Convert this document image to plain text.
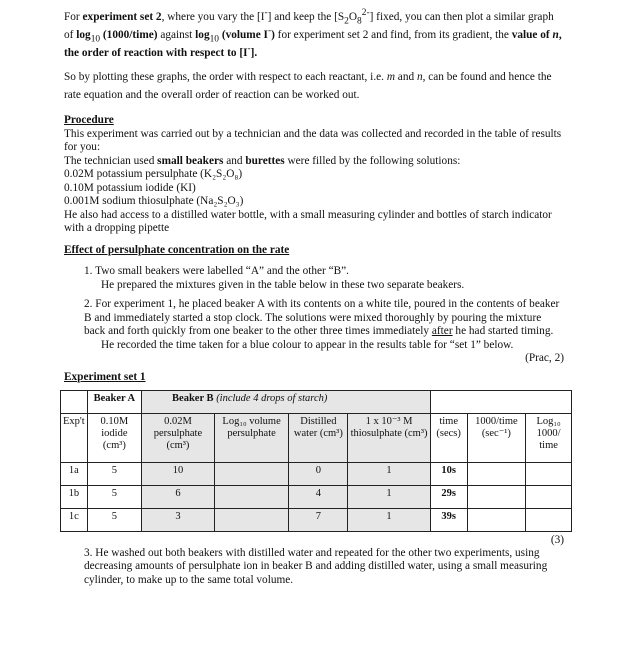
For experiment set 2, where you vary the [I-] and keep the $[S_2O_8^{2-}]$ fixed, you can then plot a similar graph of $\log_{10}$ (1000/time) against $\log_{10}$ (volume I-) for experiment set 2 and find, from its gradient, the value of n, the order of reaction with respect to [I-].
So by plotting these graphs, the order with respect to each reactant, i.e. m and n, can be found and hence the rate equation and the overall order of reaction can be worked out.
Procedure
This experiment was carried out by a technician and the data was collected and recorded in the table of results for you:
The technician used small beakers and burettes were filled by the following solutions:
0.02M potassium persulphate (K₂S₂O₈)
0.10M potassium iodide (KI)
0.001M sodium thiosulphate (Na₂S₂O₃)
He also had access to a distilled water bottle, with a small measuring cylinder and bottles of starch indicator with a dropping pipette
Effect of persulphate concentration on the rate
1. Two small beakers were labelled “A” and the other “B”.
He prepared the mixtures given in the table below in these two separate beakers.
2. For experiment 1, he placed beaker A with its contents on a white tile, poured in the contents of beaker B and immediately started a stop clock. The solutions were mixed thoroughly by pouring the mixture back and forth quickly from one beaker to the other three times immediately after he had started timing.
He recorded the time taken for a blue colour to appear in the results table for “set 1” below.
(Prac, 2)
Experiment set 1
	Beaker A	Beaker B (include 4 drops of starch)						
Exp't	0.10M iodide (cm³)	0.02M persulphate (cm³)	Log₁₀ volume persulphate	Distilled water (cm³)	1 x 10⁻³ M thiosulphate (cm³)	time (secs)	1000/time (sec⁻¹)	Log₁₀ 1000/ time
1a	5	10		0	1	10s		
1b	5	6		4	1	29s		
1c	5	3		7	1	39s		
(3)
3. He washed out both beakers with distilled water and repeated for the other two experiments, using decreasing amounts of persulphate ion in beaker B and adding distilled water, using a small measuring cylinder, to make up to the same total volume.
